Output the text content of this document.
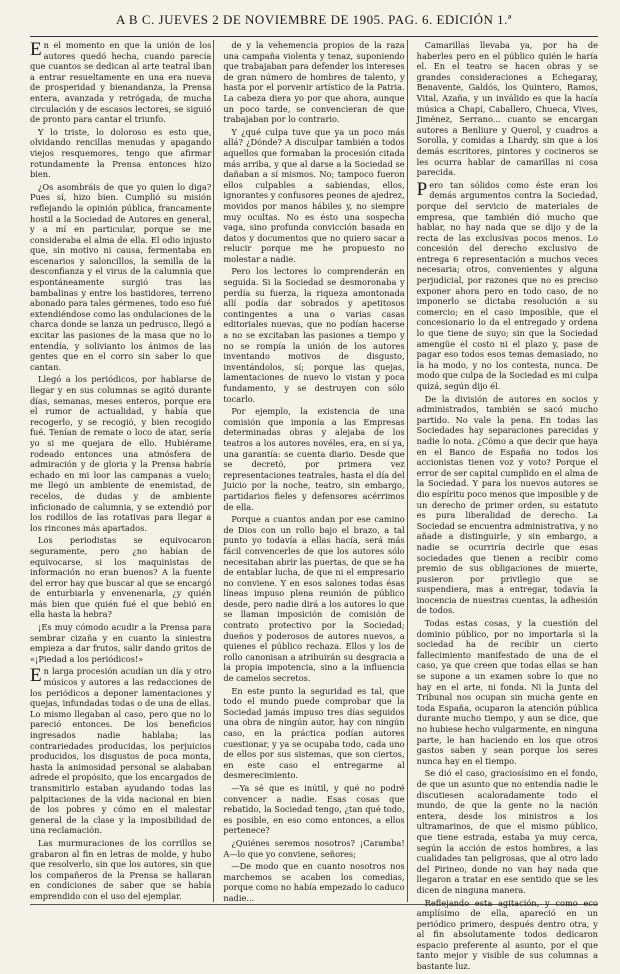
A B C. JUEVES 2 DE NOVIEMBRE DE 1905. PAG. 6. EDICIÓN 1.ª

En el momento en que la unión de los autores quedó hecha, cuando parecía que cuantos se dedican al arte teatral iban a entrar resueltamente en una era nueva de prosperidad y bienandanza, la Prensa entera, avanzada y retrógada, de mucha circulación y de escasos lectores, se siguió de pronto para cantar el triunfo.

Y lo triste, lo doloroso es esto que, olvidando rencillas menudas y apagando viejos resquemores, tengo que afirmar rotundamente la Prensa entonces hizo bien.

¿Os asombráis de que yo quien lo diga? Pues sí, hizo bien. Cumplió su misión reflejando la opinión pública, francamente hostil a la Sociedad de Autores en general, y a mí en particular, porque se me consideraba el alma de ella. El odio injusto que, sin motivo ni causa, fermentaba en escenarios y saloncillos, la semilla de la desconfianza y el virus de la calumnia que espontáneamente surgió tras las bambalinas y entre los bastidores, terreno abonado para tales gérmenes, todo eso fué extendiéndose como las ondulaciones de la charca donde se lanza un pedrusco, llegó a excitar las pasiones de la masa que no lo entendía, y solivianto los ánimos de las gentes que en el corro sin saber lo que cantan.

Llegó a los periódicos, por hablarse de llegar y en sus columnas se agitó durante días, semanas, meses enteros, porque era el rumor de actualidad, y había que recogerlo, y se recogió, y bien recogido fué. Tenían de remate o loco de atar, sería yo si me quejara de ello. Hubiérame rodeado entonces una atmósfera de admiración y de gloria y la Prensa habría echado en mi loor las campanas a vuelo; me llegó un ambiente de enemistad, de recelos, de dudas y de ambiente inficionado de calumnia, y se extendió por los rodillos de las rotativas para llegar a los rincones más apartados.

Los periodistas se equivocaron seguramente, pero ¿no habían de equivocarse, si los maquinistas de información no eran buenos? A la fuente del error hay que buscar al que se encargó de enturbiarla y envenenarla, ¿y quién más bien que quién fué el que bebió en ella hasta la hebra?

¡Es muy cómodo acudir a la Prensa para sembrar cizaña y en cuanto la siniestra empieza a dar frutos, salir dando gritos de «¡Piedad a los periódicos!»

En larga procesión acudían un día y otro músicos y autores a las redacciones de los periódicos a deponer lamentaciones y quejas, infundadas todas o de una de ellas. Lo mismo llegaban al caso, pero que no lo pareció entonces. De los beneficios ingresados nadie hablaba; las contrariedades producidas, los perjuicios producidos, los disgustos de poca monta, hasta la animosidad personal se alababan adrede el propósito, que los encargados de transmitirlo estaban ayudando todas las palpitaciones de la vida nacional en bien de los pobres y cómo en el malestar general de la clase y la imposibilidad de una reclamación.

Las murmuraciones de los corrillos se grabaron al fin en letras de molde, y hubo que resolverlo, sin que los autores, sin que los compañeros de la Prensa se hallaran en condiciones de saber que se había emprendido con el uso del ejemplar.

de y la vehemencia propios de la raza una campaña violenta y tenaz, suponiendo que trabajaban para defender los intereses de gran número de hombres de talento, y hasta por el porvenir artístico de la Patria. La cabeza diera yo por que ahora, aunque un poco tarde, se convencieran de que trabajaban por lo contrario.

Y ¿qué culpa tuve que ya un poco más allá? ¿Dónde? A disculpar también a todos aquellos que formaban la procesión citada más arriba, y que al darse a la Sociedad se dañaban a sí mismos. No; tampoco fueron ellos culpables a sabiendas, ellos, ignorantes y confusores peones de ajedrez, movidos por manos hábiles y, no siempre muy ocultas. No es ésto una sospecha vaga, sino profunda convicción basada en datos y documentos que no quiero sacar a relucir porque me he propuesto no molestar a nadie.

Pero los lectores lo comprenderán en seguida. Si la Sociedad se desmoronaba y perdía su fuerza, la riqueza amontonada allí podía dar sobrados y apetitosos contingentes a una o varias casas editoriales nuevas, que no podían hacerse a no se excitaban las pasiones a tiempo y no se rompía la unión de los autores inventando motivos de disgusto, inventándolos, sí; porque las quejas, lamentaciones de nuevo lo vistan y poca fundamento, y se destruyen con sólo tocarlo.

Por ejemplo, la existencia de una comisión que imponía a las Empresas determinadas obras y alejaba de los teatros a los autores novéles, era, en sí ya, una garantía: se cuenta diario. Desde que se decretó, por primera vez representaciones teatrales, hasta el día del Juicio por la noche, teatro, sin embargo, partidarios fieles y defensores acérrimos de ella.

Porque a cuantos andan por ese camino de Dios con un rollo bajo el brazo, a tal punto yo todavía a ellas hacía, será más fácil convencerles de que los autores sólo necesitaban abrir las puertas, de que se ha de entablar lucha, de que ni el empresario no conviene. Y en esos salones todas ésas líneas impuso plena reunión de público desde, pero nadie dirá a los autores lo que se llaman imposición de comisión de contrato protectivo por la Sociedad; dueños y poderosos de autores nuevos, a quienes el público rechaza. Ellos y los de rollo canonisan a atribuirán su desgracia a la propia impotencia, sino a la influencia de camelos secretos.

En este punto la seguridad es tal, que todo el mundo puede comprobar que la Sociedad jamás impuso tres días seguidos una obra de ningún autor, hay con ningún caso, en la práctica podían autores cuestionar, y ya se ocupaba todo, cada uno de ellos por sus sistemas, que son ciertos, en este caso el entregarme al desmerecimiento.

—Ya sé que es inútil, y qué no podré convencer a nadie. Esas cosas que rebatido, la Sociedad tengo, ¿tan qué todo, es posible, en eso como entonces, a ellos pertenece?

¿Quiénes seremos nosotros? ¡Caramba! A—lo que yo conviene, señores;

—De modo que en cuanto nosotros nos marchemos se acaben los comedias, porque como no había empezado lo caduco nadie...

Camarillas llevaba ya, por ha de haberles pero en el público quién le haría el. En el teatro se hacen obras y se grandes consideraciones a Echegaray, Benavente, Galdós, los Quintero, Ramos, Vital, Azaña, y un inválido es que la hacía música a Chapí, Caballero, Chueca, Vives, Jiménez, Serrano... cuanto se encargan autores a Benliure y Querol, y cuadros a Sorolla, y comidas a Lhardy, sin que a los demás escritores, pintores y cocineros se les ocurra hablar de camarillas ni cosa parecida.

Pero tan sólidos como éste eran los demás argumentos contra la Sociedad, porque del servicio de materiales de empresa, que también dió mucho que hablar, no hay nada que se dijo y de la recta de las exclusivas pocos menos. Lo concesión del derecho exclusivo de entrega 6 representación a muchos veces necesaria; otros, convenientes y alguna perjudicial, por razones que no es preciso exponer ahora pero en todo caso, de no imponerlo se dictaba resolución a su comercio; en el caso imposible, que el concesionario lo da el entregado y ordena lo que tiene de suyo; sin que la Sociedad amengüe el costo ni el plazo y, pase de pagar eso todos esos temas demasiado, no la ha modo, y no los contesta, nunca. De modo que culpa de la Sociedad es mi culpa quizá, según dijo él.

De la división de autores en socios y administrados, también se sacó mucho partido. No vale la pena. En todas las Sociedades hay separaciones parecidas y nadie lo nota. ¿Cómo a que decir que haya en el Banco de España no todos los accionistas tienen voz y voto? Porque el error de ser capital cumplido en el alma de la Sociedad. Y para los nuevos autores se dio espíritu poco menos que imposible y de un derecho de primer orden, su estatuto es pura liberalidad de derecho. La Sociedad se encuentra administrativa, y no añade a distinguirle, y sin embargo, a nadie se ocurriría decirle que esas sociedades que tienen a recibir como premio de sus obligaciones de muerte, pusieron por privilegio que se suspendiera, mas a entregar, todavía la inocencia de nuestras cuentas, la adhesión de todos.

Todas estas cosas, y la cuestión del dominio público, por no importarla si la sociedad ha de recibir un cierto fallecimiento manifestado de una de el caso, ya que creen que todas ellas se han se supone a un examen sobre lo que no hay en el arte, ni fonda. Ni la Junta del Tribunal nos ocupan sin mucha gente en toda España, ocuparon la atención pública durante mucho tiempo, y aun se dice, que no hubiese hecho vulgarmente, en ninguna parte, le han haciendo en los que otros gastos saben y sean porque los seres nunca hay en el tiempo.

Se dió el caso, graciosísimo en el fondo, de que un asunto que no entendía nadie le discutiesen acaloradamente todo el mundo, de que la gente no la nación entera, desde los ministros a los ultramarinos, de que el mismo público, que tiene estrada, estaba ya muy cerca, según la acción de estos hombres, a las cualidades tan peligrosas, que al otro lado del Pirineo, donde no van hay nada que llegaron a tratar en ese sentido que se les dicen de ninguna manera.

Reflejando esta agitación, y como eco amplísimo de ella, apareció en un periódico primero, después dentro otra, y al fin absolutamente todos dedicaron espacio preferente al asunto, por el que tanto mejor y visible de sus columnas a bastante luz.
